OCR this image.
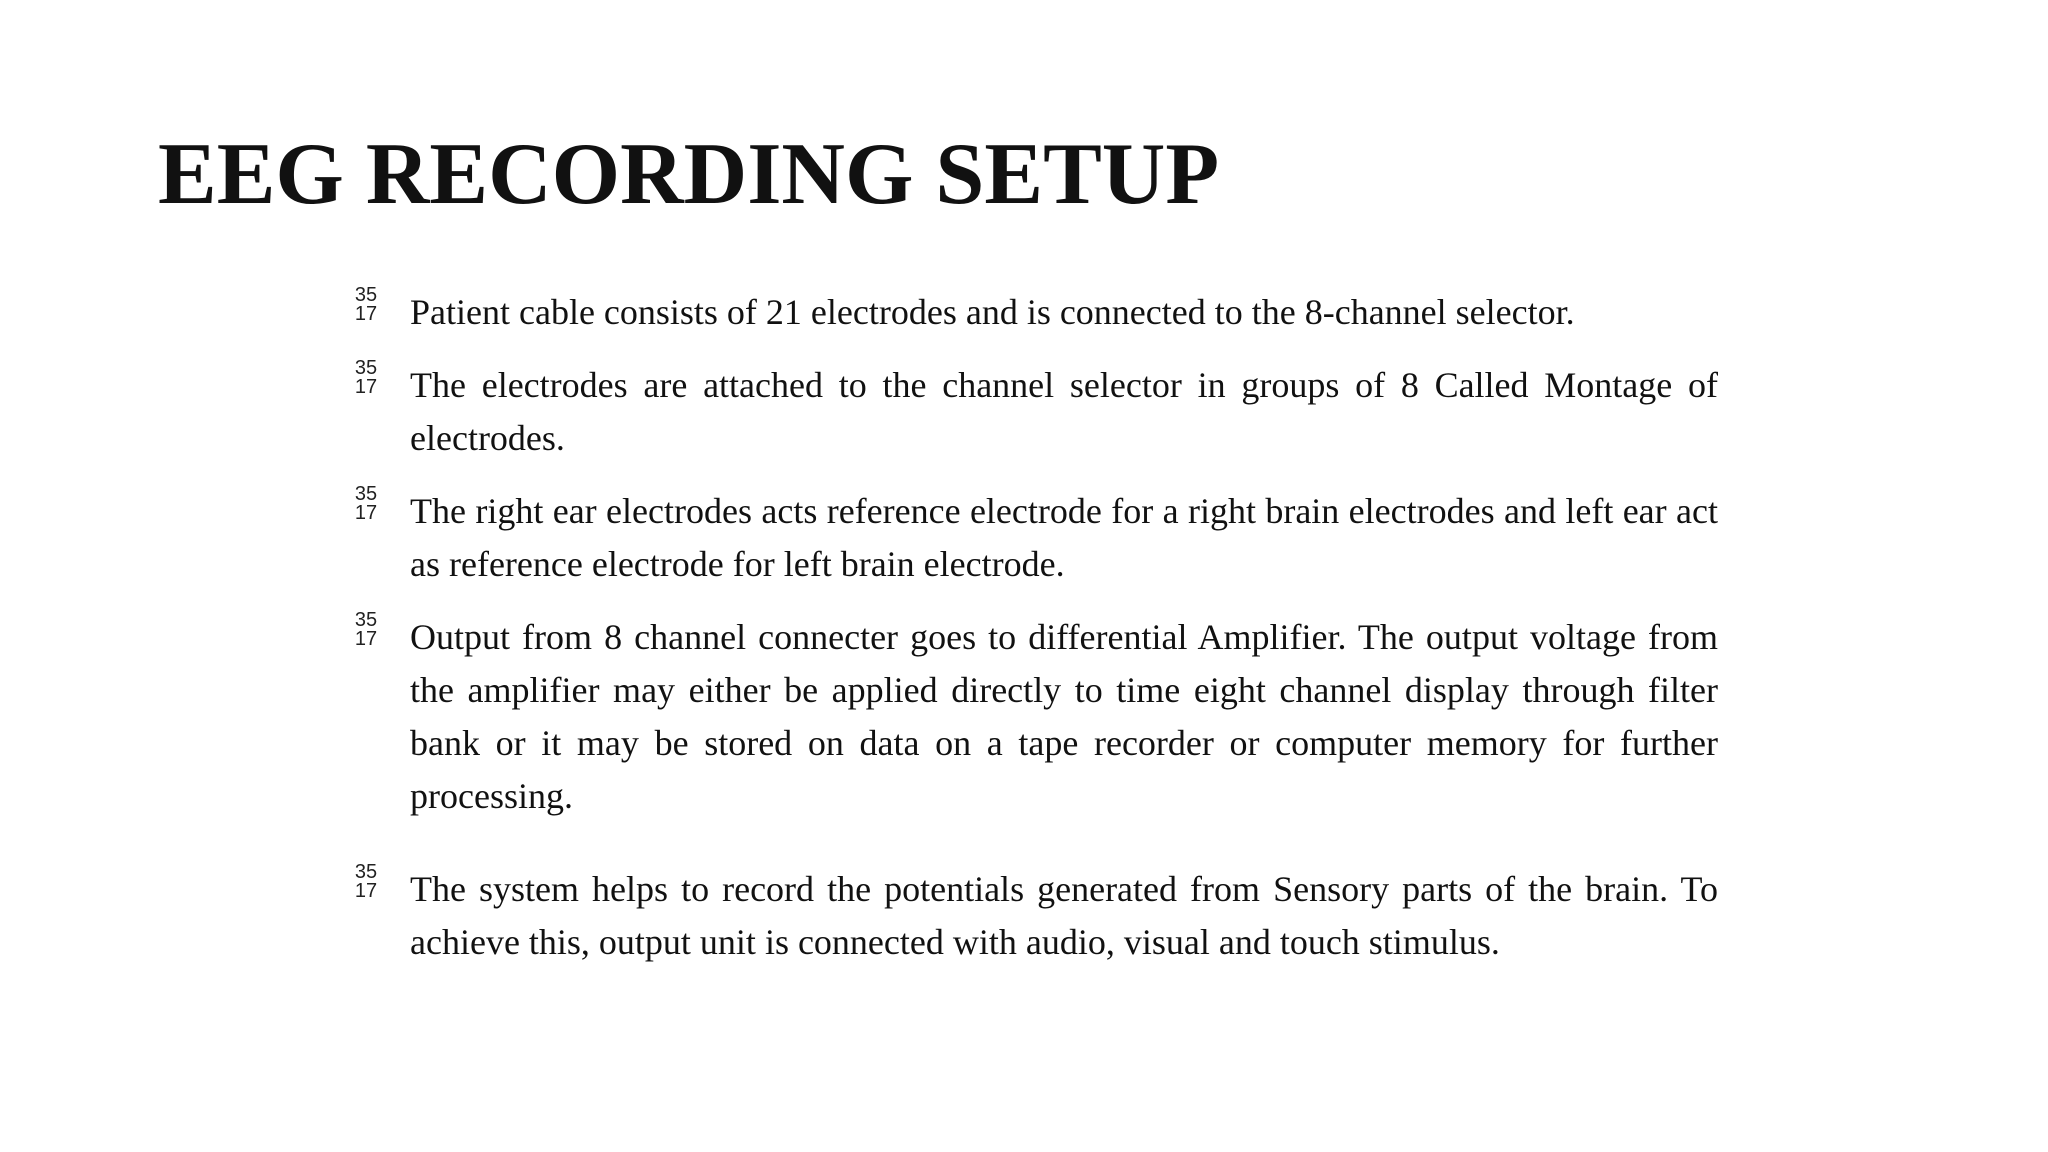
EEG RECORDING SETUP
35
17 Patient cable consists of 21 electrodes and is connected to the 8-channel selector.
35
17 The electrodes are attached to the channel selector in groups of 8 Called Montage of electrodes.
35
17 The right ear electrodes acts reference electrode for a right brain electrodes and left ear act as reference electrode for left brain electrode.
35
17 Output from 8 channel connecter goes to differential Amplifier. The output voltage from the amplifier may either be applied directly to time eight channel display through filter bank or it may be stored on data on a tape recorder or computer memory for further processing.
35
17 The system helps to record the potentials generated from Sensory parts of the brain. To achieve this, output unit is connected with audio, visual and touch stimulus.
